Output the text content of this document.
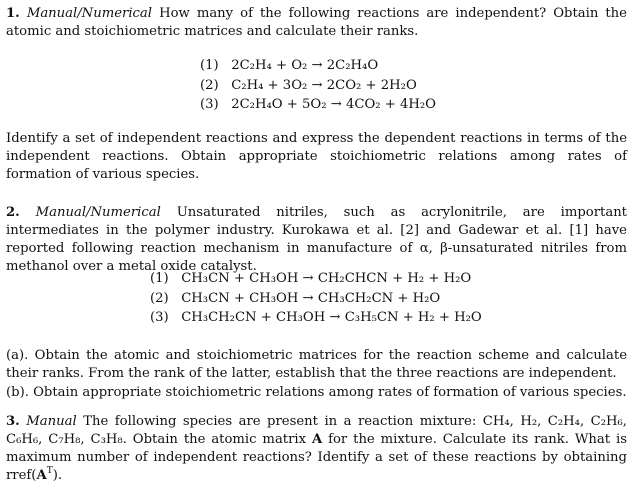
1. Manual/Numerical How many of the following reactions are independent? Obtain the atomic and stoichiometric matrices and calculate their ranks.
(1)
2C₂H₄ + O₂
→
2C₂H₄O
(2)
C₂H₄ + 3O₂
→
2CO₂ + 2H₂O
(3)
2C₂H₄O + 5O₂
→
4CO₂ + 4H₂O
Identify a set of independent reactions and express the dependent reactions in terms of the independent reactions. Obtain appropriate stoichiometric relations among rates of formation of various species.
2. Manual/Numerical Unsaturated nitriles, such as acrylonitrile, are important intermediates in the polymer industry. Kurokawa et al. [2] and Gadewar et al. [1] have reported following reaction mechanism in manufacture of α, β-unsaturated nitriles from methanol over a metal oxide catalyst.
(1)
CH₃CN + CH₃OH
→
CH₂CHCN + H₂ + H₂O
(2)
CH₃CN + CH₃OH
→
CH₃CH₂CN + H₂O
(3)
CH₃CH₂CN + CH₃OH
→
C₃H₅CN + H₂ + H₂O
(a). Obtain the atomic and stoichiometric matrices for the reaction scheme and calculate their ranks. From the rank of the latter, establish that the three reactions are independent.
(b). Obtain appropriate stoichiometric relations among rates of formation of various species.
3. Manual The following species are present in a reaction mixture: CH₄, H₂, C₂H₄, C₂H₆, C₆H₆, C₇H₈, C₃H₈. Obtain the atomic matrix A for the mixture. Calculate its rank. What is maximum number of independent reactions? Identify a set of these reactions by obtaining $rref(A^T)$.
